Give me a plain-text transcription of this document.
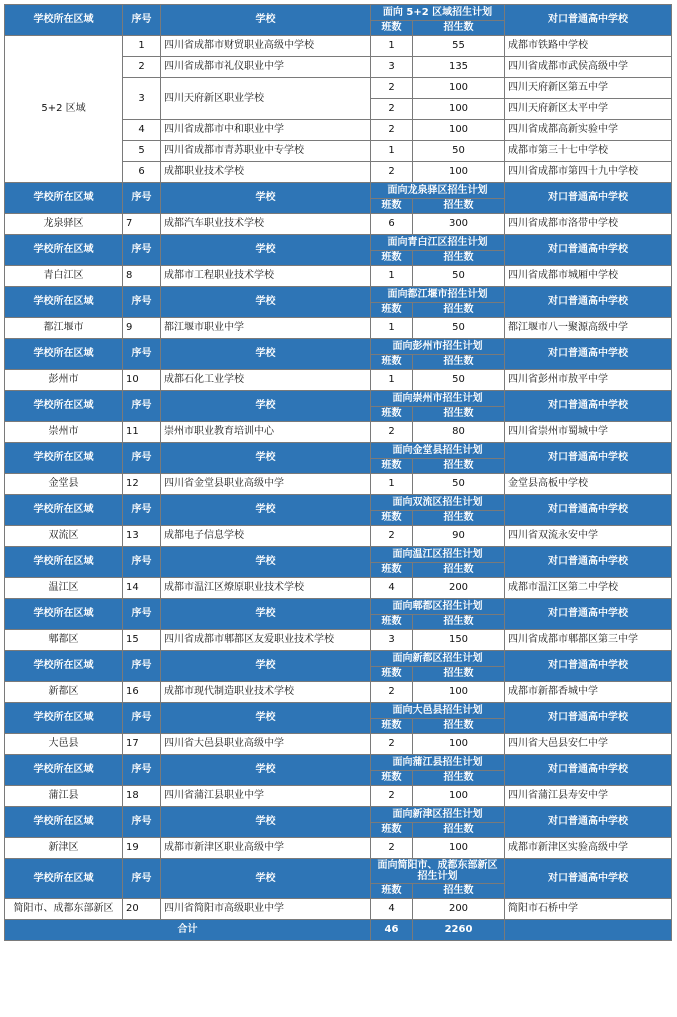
学校所在区域	序号	学校	面向 5+2 区域招生计划		对口普通高中学校
			班数	招生数	
5+2 区域	1	四川省成都市财贸职业高级中学校	1	55	成都市铁路中学校
	2	四川省成都市礼仪职业中学	3	135	四川省成都市武侯高级中学
	3	四川天府新区职业学校	2	100	四川天府新区第五中学
			2	100	四川天府新区太平中学
	4	四川省成都市中和职业中学	2	100	四川省成都高新实验中学
	5	四川省成都市青苏职业中专学校	1	50	成都市第三十七中学校
	6	成都职业技术学校	2	100	四川省成都市第四十九中学校
学校所在区域	序号	学校	面向龙泉驿区招生计划		对口普通高中学校
			班数	招生数	
龙泉驿区	7	成都汽车职业技术学校	6	300	四川省成都市洛带中学校
学校所在区域	序号	学校	面向青白江区招生计划		对口普通高中学校
			班数	招生数	
青白江区	8	成都市工程职业技术学校	1	50	四川省成都市城厢中学校
学校所在区域	序号	学校	面向都江堰市招生计划		对口普通高中学校
			班数	招生数	
都江堰市	9	都江堰市职业中学	1	50	都江堰市八一聚源高级中学
学校所在区域	序号	学校	面向彭州市招生计划		对口普通高中学校
			班数	招生数	
彭州市	10	成都石化工业学校	1	50	四川省彭州市敖平中学
学校所在区域	序号	学校	面向崇州市招生计划		对口普通高中学校
			班数	招生数	
崇州市	11	崇州市职业教育培训中心	2	80	四川省崇州市蜀城中学
学校所在区域	序号	学校	面向金堂县招生计划		对口普通高中学校
			班数	招生数	
金堂县	12	四川省金堂县职业高级中学	1	50	金堂县高板中学校
学校所在区域	序号	学校	面向双流区招生计划		对口普通高中学校
			班数	招生数	
双流区	13	成都电子信息学校	2	90	四川省双流永安中学
学校所在区域	序号	学校	面向温江区招生计划		对口普通高中学校
			班数	招生数	
温江区	14	成都市温江区燎原职业技术学校	4	200	成都市温江区第二中学校
学校所在区域	序号	学校	面向郫都区招生计划		对口普通高中学校
			班数	招生数	
郫都区	15	四川省成都市郫都区友爱职业技术学校	3	150	四川省成都市郫都区第三中学
学校所在区域	序号	学校	面向新都区招生计划		对口普通高中学校
			班数	招生数	
新都区	16	成都市现代制造职业技术学校	2	100	成都市新都香城中学
学校所在区域	序号	学校	面向大邑县招生计划		对口普通高中学校
			班数	招生数	
大邑县	17	四川省大邑县职业高级中学	2	100	四川省大邑县安仁中学
学校所在区域	序号	学校	面向蒲江县招生计划		对口普通高中学校
			班数	招生数	
蒲江县	18	四川省蒲江县职业中学	2	100	四川省蒲江县寿安中学
学校所在区域	序号	学校	面向新津区招生计划		对口普通高中学校
			班数	招生数	
新津区	19	成都市新津区职业高级中学	2	100	成都市新津区实验高级中学
学校所在区域	序号	学校	面向简阳市、成都东部新区招生计划		对口普通高中学校
			班数	招生数	
简阳市、成都东部新区	20	四川省简阳市高级职业中学	4	200	简阳市石桥中学
合计			46	2260	
